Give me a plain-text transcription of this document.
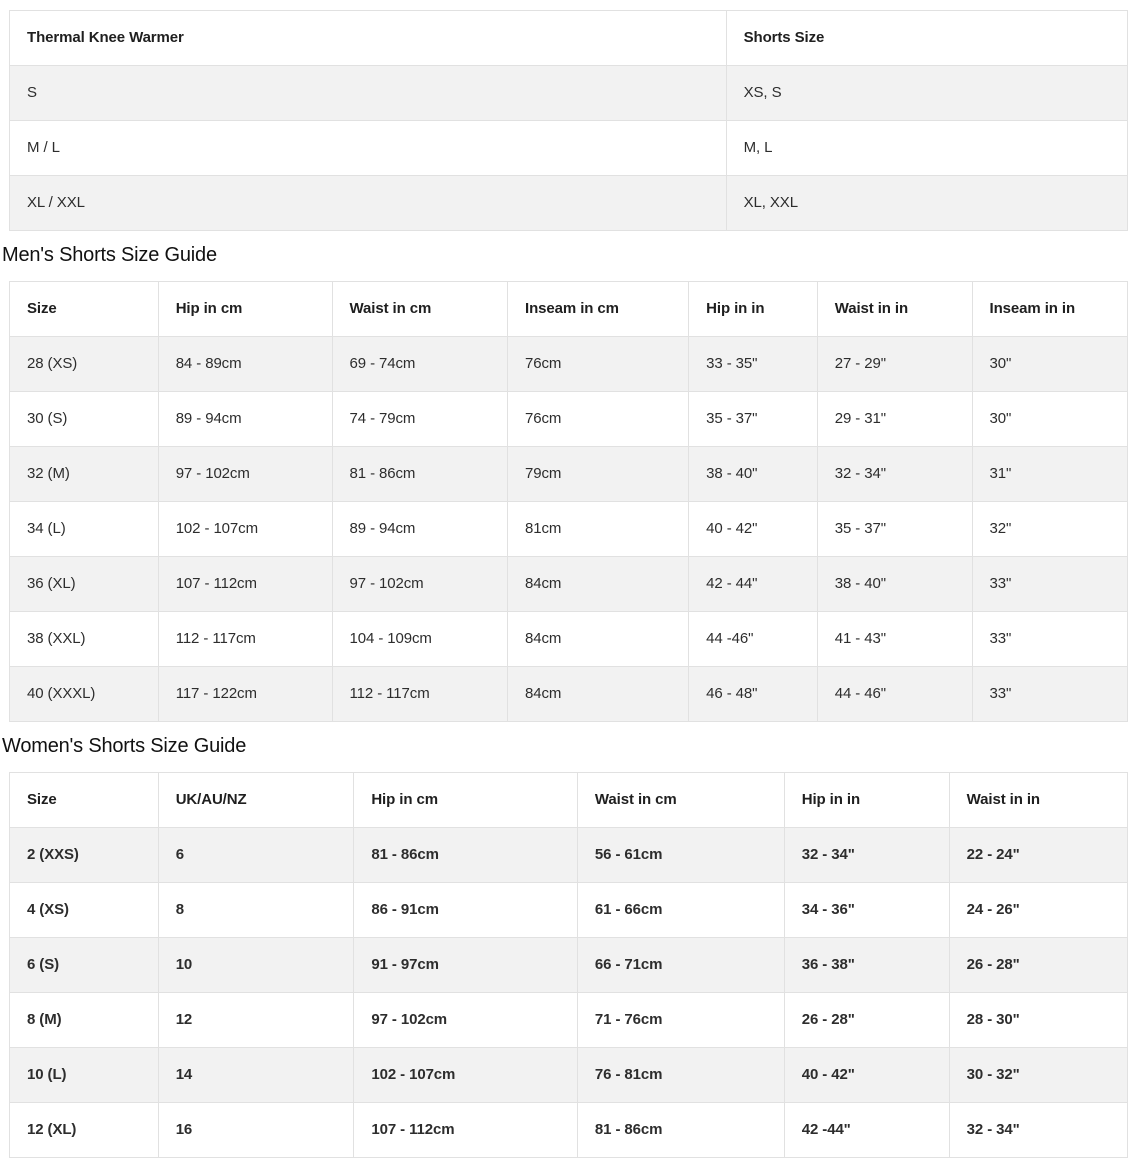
Thermal Knee Warmer	Shorts Size
S	XS, S
M / L	M, L
XL / XXL	XL, XXL
Men's Shorts Size Guide
Size	Hip in cm	Waist in cm	Inseam in cm	Hip in in	Waist in in	Inseam in in
28 (XS)	84 - 89cm	69 - 74cm	76cm	33 - 35"	27 - 29"	30"
30 (S)	89 - 94cm	74 - 79cm	76cm	35 - 37"	29 - 31"	30"
32 (M)	97 - 102cm	81 - 86cm	79cm	38 - 40"	32 - 34"	31"
34 (L)	102 - 107cm	89 - 94cm	81cm	40 - 42"	35 - 37"	32"
36 (XL)	107 - 112cm	97 - 102cm	84cm	42 - 44"	38 - 40"	33"
38 (XXL)	112 - 117cm	104 - 109cm	84cm	44 -46"	41 - 43"	33"
40 (XXXL)	117 - 122cm	112 - 117cm	84cm	46 - 48"	44 - 46"	33"
Women's Shorts Size Guide
Size	UK/AU/NZ	Hip in cm	Waist in cm	Hip in in	Waist in in
2 (XXS)	6	81 - 86cm	56 - 61cm	32 - 34"	22 - 24"
4 (XS)	8	86 - 91cm	61 - 66cm	34 - 36"	24 - 26"
6 (S)	10	91 - 97cm	66 - 71cm	36 - 38"	26 - 28"
8 (M)	12	97 - 102cm	71 - 76cm	26 - 28"	28 - 30"
10 (L)	14	102 - 107cm	76 - 81cm	40 - 42"	30 - 32"
12 (XL)	16	107 - 112cm	81 - 86cm	42 -44"	32 - 34"
